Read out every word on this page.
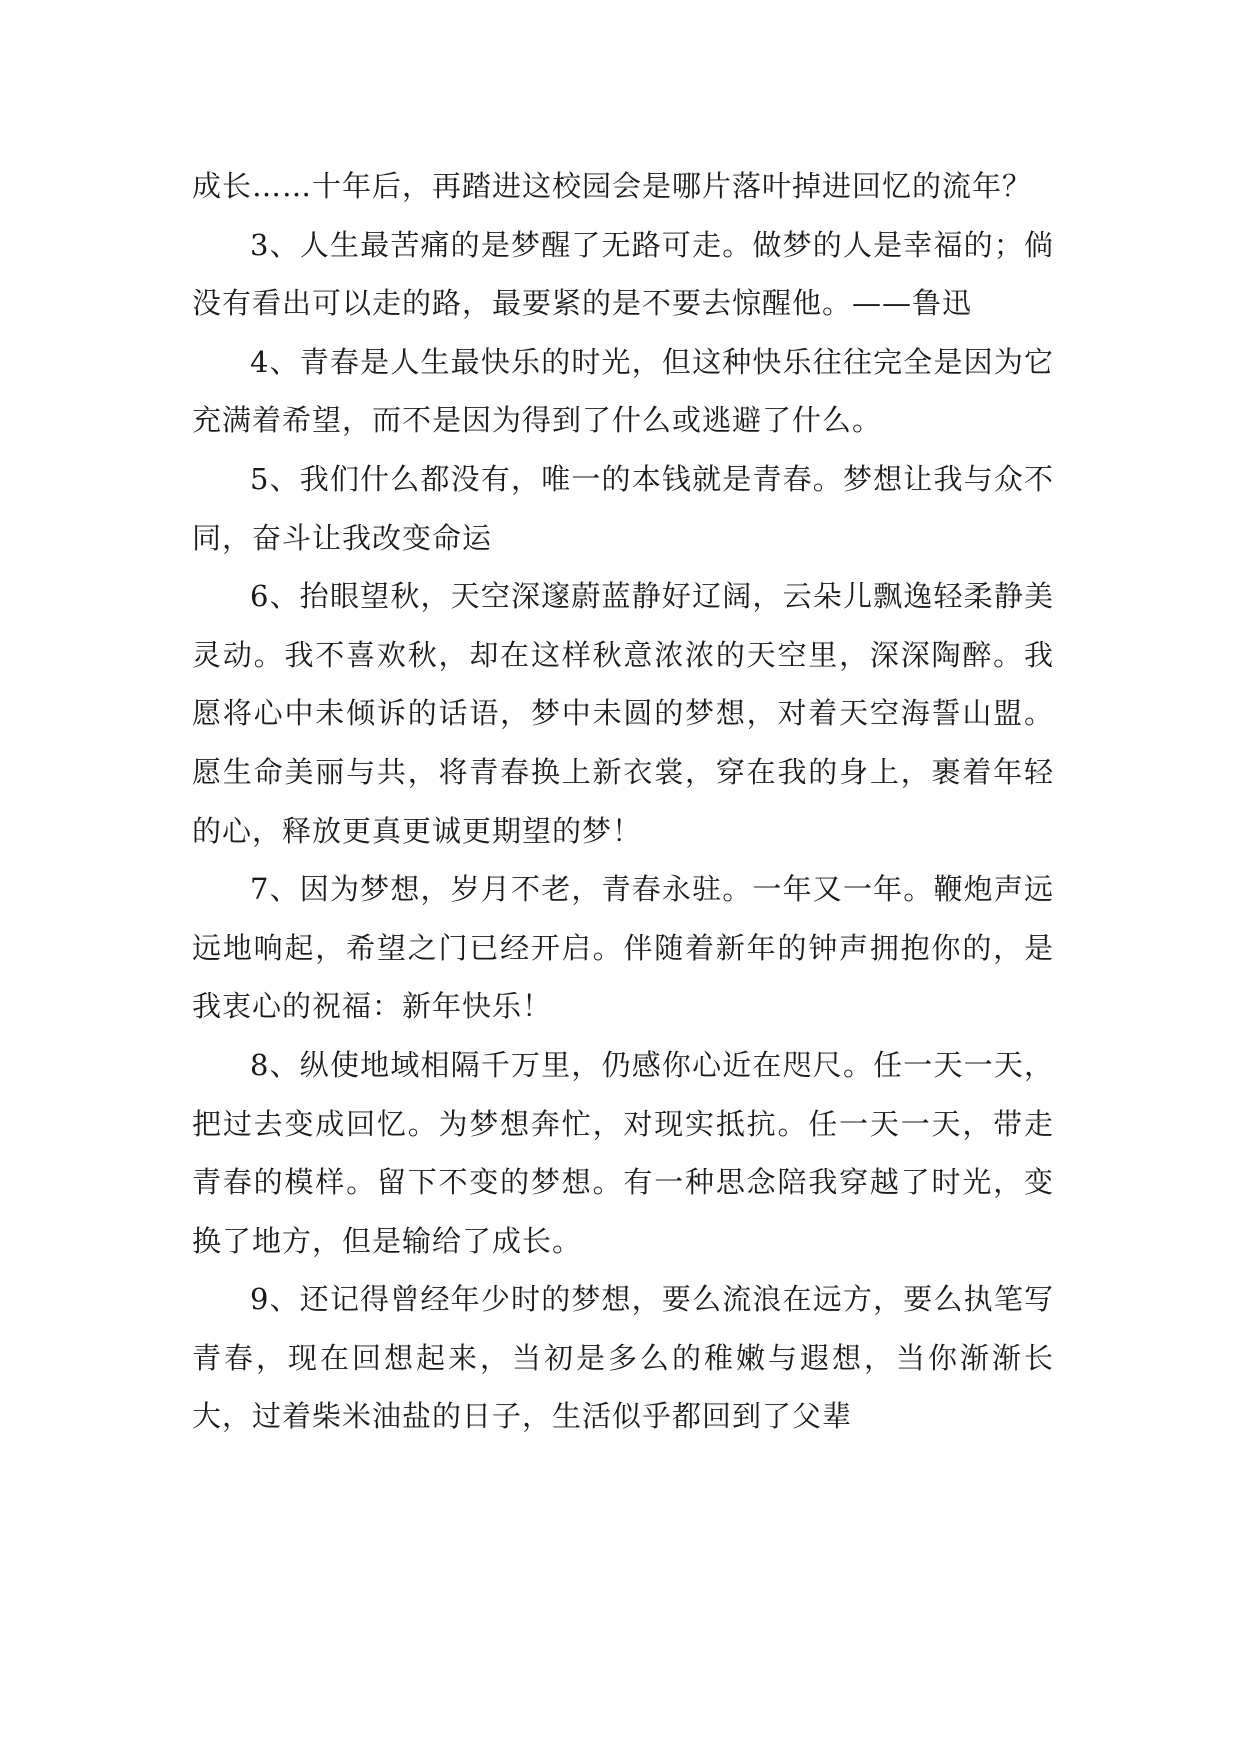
成长……十年后，再踏进这校园会是哪片落叶掉进回忆的流年？

3、人生最苦痛的是梦醒了无路可走。做梦的人是幸福的；倘没有看出可以走的路，最要紧的是不要去惊醒他。——鲁迅

4、青春是人生最快乐的时光，但这种快乐往往完全是因为它充满着希望，而不是因为得到了什么或逃避了什么。

5、我们什么都没有，唯一的本钱就是青春。梦想让我与众不同，奋斗让我改变命运

6、抬眼望秋，天空深邃蔚蓝静好辽阔，云朵儿飘逸轻柔静美灵动。我不喜欢秋，却在这样秋意浓浓的天空里，深深陶醉。我愿将心中未倾诉的话语，梦中未圆的梦想，对着天空海誓山盟。愿生命美丽与共，将青春换上新衣裳，穿在我的身上，裹着年轻的心，释放更真更诚更期望的梦！

7、因为梦想，岁月不老，青春永驻。一年又一年。鞭炮声远远地响起，希望之门已经开启。伴随着新年的钟声拥抱你的，是我衷心的祝福：新年快乐！

8、纵使地域相隔千万里，仍感你心近在咫尺。任一天一天，把过去变成回忆。为梦想奔忙，对现实抵抗。任一天一天，带走青春的模样。留下不变的梦想。有一种思念陪我穿越了时光，变换了地方，但是输给了成长。

9、还记得曾经年少时的梦想，要么流浪在远方，要么执笔写青春，现在回想起来，当初是多么的稚嫩与遐想，当你渐渐长大，过着柴米油盐的日子，生活似乎都回到了父辈
